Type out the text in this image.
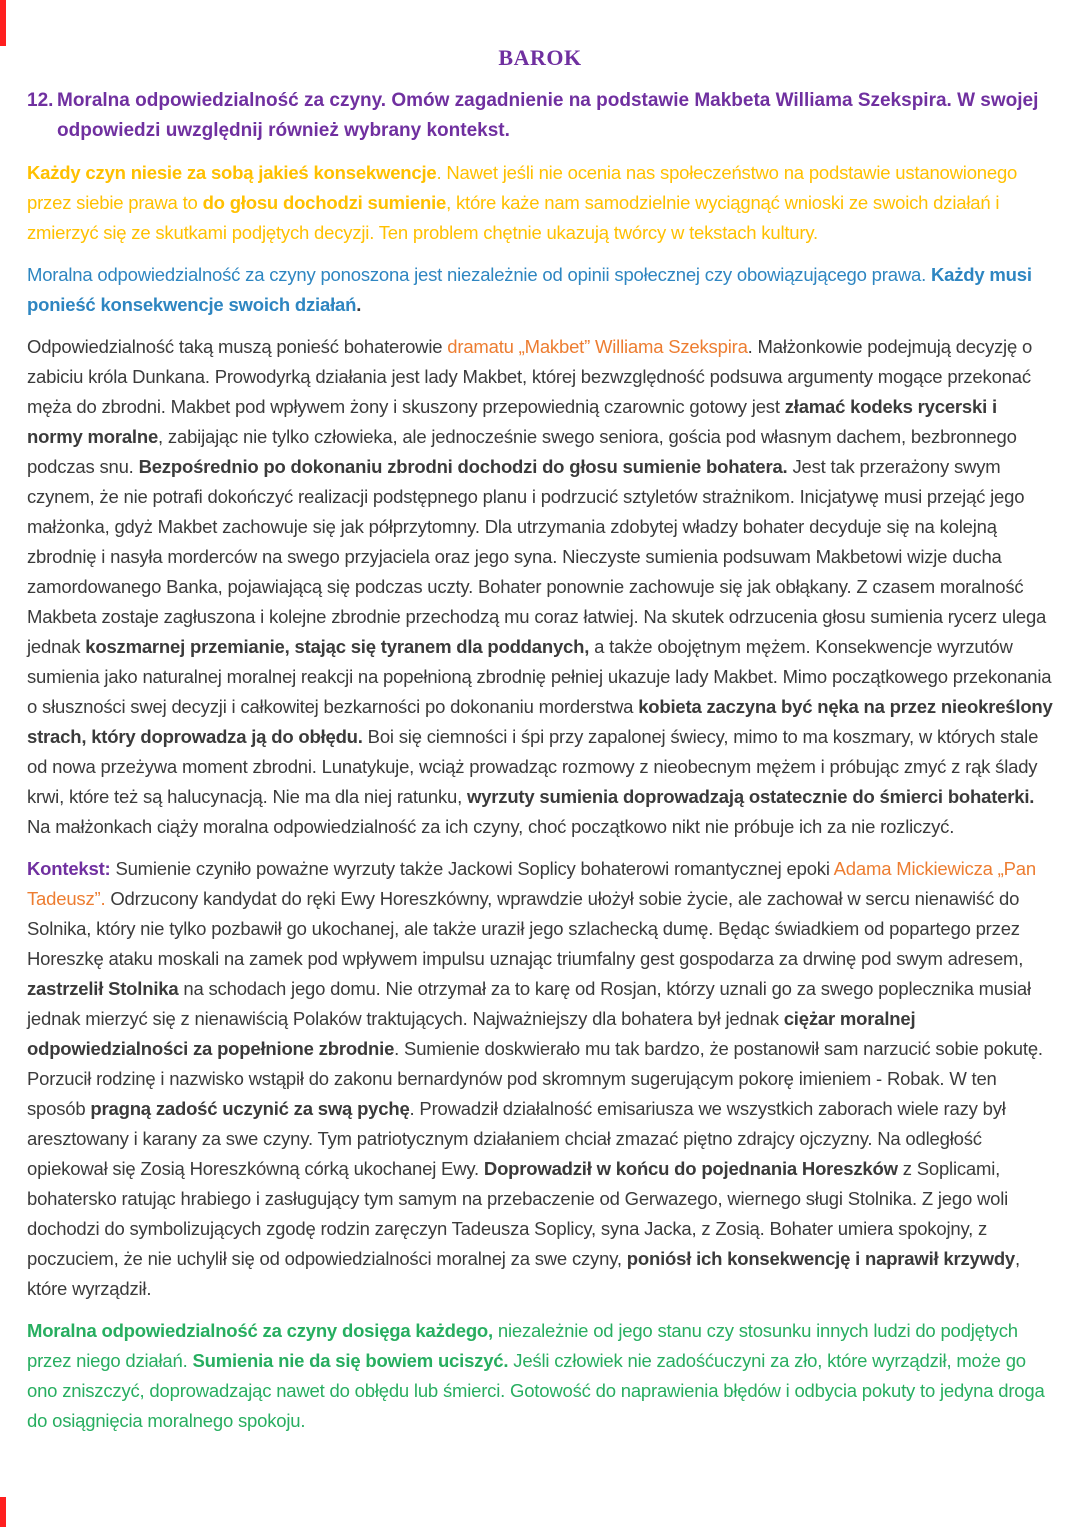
BAROK
12. Moralna odpowiedzialność za czyny. Omów zagadnienie na podstawie Makbeta Williama Szekspira. W swojej odpowiedzi uwzględnij również wybrany kontekst.

Każdy czyn niesie za sobą jakieś konsekwencje. Nawet jeśli nie ocenia nas społeczeństwo na podstawie ustanowionego przez siebie prawa to do głosu dochodzi sumienie, które każe nam samodzielnie wyciągnąć wnioski ze swoich działań i zmierzyć się ze skutkami podjętych decyzji. Ten problem chętnie ukazują twórcy w tekstach kultury.

Moralna odpowiedzialność za czyny ponoszona jest niezależnie od opinii społecznej czy obowiązującego prawa. Każdy musi ponieść konsekwencje swoich działań.

Odpowiedzialność taką muszą ponieść bohaterowie dramatu „Makbet” Williama Szekspira. Małżonkowie podejmują decyzję o zabiciu króla Dunkana. Prowodyrką działania jest lady Makbet, której bezwzględność podsuwa argumenty mogące przekonać męża do zbrodni. Makbet pod wpływem żony i skuszony przepowiednią czarownic gotowy jest złamać kodeks rycerski i normy moralne, zabijając nie tylko człowieka, ale jednocześnie swego seniora, gościa pod własnym dachem, bezbronnego podczas snu. Bezpośrednio po dokonaniu zbrodni dochodzi do głosu sumienie bohatera. Jest tak przerażony swym czynem, że nie potrafi dokończyć realizacji podstępnego planu i podrzucić sztyletów strażnikom. Inicjatywę musi przejąć jego małżonka, gdyż Makbet zachowuje się jak półprzytomny. Dla utrzymania zdobytej władzy bohater decyduje się na kolejną zbrodnię i nasyła morderców na swego przyjaciela oraz jego syna. Nieczyste sumienia podsuwam Makbetowi wizje ducha zamordowanego Banka, pojawiającą się podczas uczty. Bohater ponownie zachowuje się jak obłąkany. Z czasem moralność Makbeta zostaje zagłuszona i kolejne zbrodnie przechodzą mu coraz łatwiej. Na skutek odrzucenia głosu sumienia rycerz ulega jednak koszmarnej przemianie, stając się tyranem dla poddanych, a także obojętnym mężem. Konsekwencje wyrzutów sumienia jako naturalnej moralnej reakcji na popełnioną zbrodnię pełniej ukazuje lady Makbet. Mimo początkowego przekonania o słuszności swej decyzji i całkowitej bezkarności po dokonaniu morderstwa kobieta zaczyna być nęka na przez nieokreślony strach, który doprowadza ją do obłędu. Boi się ciemności i śpi przy zapalonej świecy, mimo to ma koszmary, w których stale od nowa przeżywa moment zbrodni. Lunatykuje, wciąż prowadząc rozmowy z nieobecnym mężem i próbując zmyć z rąk ślady krwi, które też są halucynacją. Nie ma dla niej ratunku, wyrzuty sumienia doprowadzają ostatecznie do śmierci bohaterki. Na małżonkach ciąży moralna odpowiedzialność za ich czyny, choć początkowo nikt nie próbuje ich za nie rozliczyć.

Kontekst: Sumienie czyniło poważne wyrzuty także Jackowi Soplicy bohaterowi romantycznej epoki Adama Mickiewicza „Pan Tadeusz”. Odrzucony kandydat do ręki Ewy Horeszkówny, wprawdzie ułożył sobie życie, ale zachował w sercu nienawiść do Solnika, który nie tylko pozbawił go ukochanej, ale także uraził jego szlachecką dumę. Będąc świadkiem od popartego przez Horeszkę ataku moskali na zamek pod wpływem impulsu uznając triumfalny gest gospodarza za drwinę pod swym adresem, zastrzelił Stolnika na schodach jego domu. Nie otrzymał za to karę od Rosjan, którzy uznali go za swego poplecznika musiał jednak mierzyć się z nienawiścią Polaków traktujących. Najważniejszy dla bohatera był jednak ciężar moralnej odpowiedzialności za popełnione zbrodnie. Sumienie doskwierało mu tak bardzo, że postanowił sam narzucić sobie pokutę. Porzucił rodzinę i nazwisko wstąpił do zakonu bernardynów pod skromnym sugerującym pokorę imieniem - Robak. W ten sposób pragną zadość uczynić za swą pychę. Prowadził działalność emisariusza we wszystkich zaborach wiele razy był aresztowany i karany za swe czyny. Tym patriotycznym działaniem chciał zmazać piętno zdrajcy ojczyzny. Na odległość opiekował się Zosią Horeszkówną córką ukochanej Ewy. Doprowadził w końcu do pojednania Horeszków z Soplicami, bohatersko ratując hrabiego i zasługujący tym samym na przebaczenie od Gerwazego, wiernego sługi Stolnika. Z jego woli dochodzi do symbolizujących zgodę rodzin zaręczyn Tadeusza Soplicy, syna Jacka, z Zosią. Bohater umiera spokojny, z poczuciem, że nie uchylił się od odpowiedzialności moralnej za swe czyny, poniósł ich konsekwencję i naprawił krzywdy, które wyrządził.

Moralna odpowiedzialność za czyny dosięga każdego, niezależnie od jego stanu czy stosunku innych ludzi do podjętych przez niego działań. Sumienia nie da się bowiem uciszyć. Jeśli człowiek nie zadośćuczyni za zło, które wyrządził, może go ono zniszczyć, doprowadzając nawet do obłędu lub śmierci. Gotowość do naprawienia błędów i odbycia pokuty to jedyna droga do osiągnięcia moralnego spokoju.
